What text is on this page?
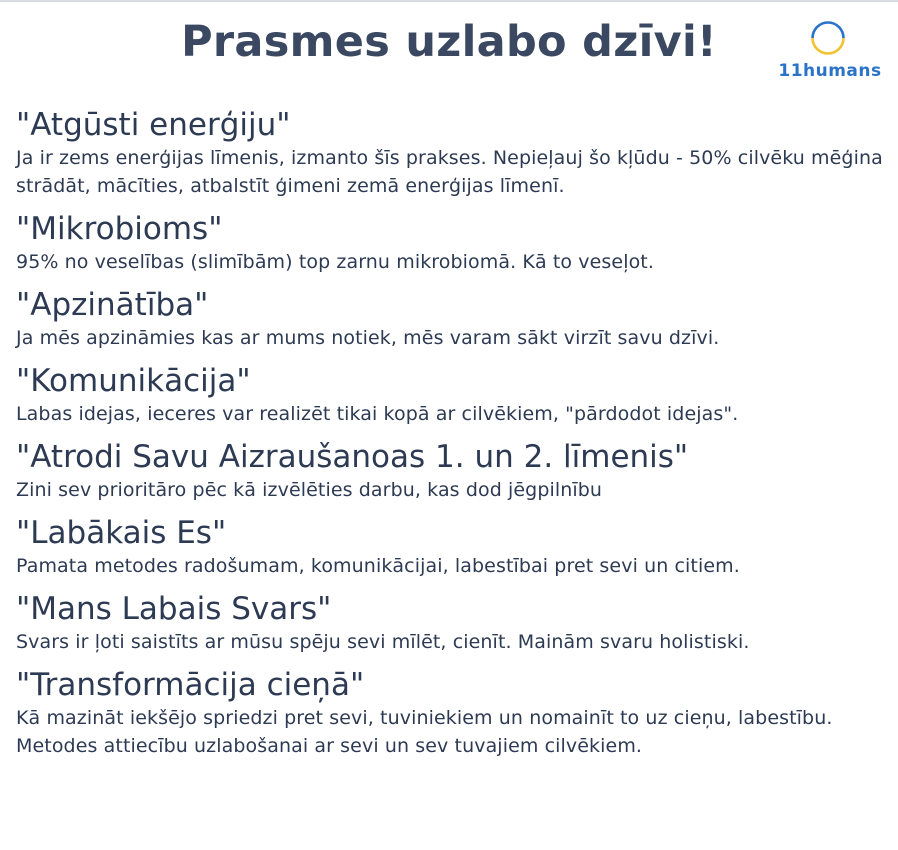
Prasmes uzlabo dzīvi!
11humans
"Atgūsti enerģiju"

Ja ir zems enerģijas līmenis, izmanto šīs prakses. Nepieļauj šo kļūdu - 50% cilvēku mēģina strādāt, mācīties, atbalstīt ģimeni zemā enerģijas līmenī.

"Mikrobioms"

95% no veselības (slimībām) top zarnu mikrobiomā. Kā to veseļot.

"Apzinātība"

Ja mēs apzināmies kas ar mums notiek, mēs varam sākt virzīt savu dzīvi.

"Komunikācija"

Labas idejas, ieceres var realizēt tikai kopā ar cilvēkiem, "pārdodot idejas".

"Atrodi Savu Aizraušanoas 1. un 2. līmenis"

Zini sev prioritāro pēc kā izvēlēties darbu, kas dod jēgpilnību

"Labākais Es"

Pamata metodes radošumam, komunikācijai, labestībai pret sevi un citiem.

"Mans Labais Svars"

Svars ir ļoti saistīts ar mūsu spēju sevi mīlēt, cienīt. Mainām svaru holistiski.

"Transformācija cieņā"

Kā mazināt iekšējo spriedzi pret sevi, tuviniekiem un nomainīt to uz cieņu, labestību. Metodes attiecību uzlabošanai ar sevi un sev tuvajiem cilvēkiem.
